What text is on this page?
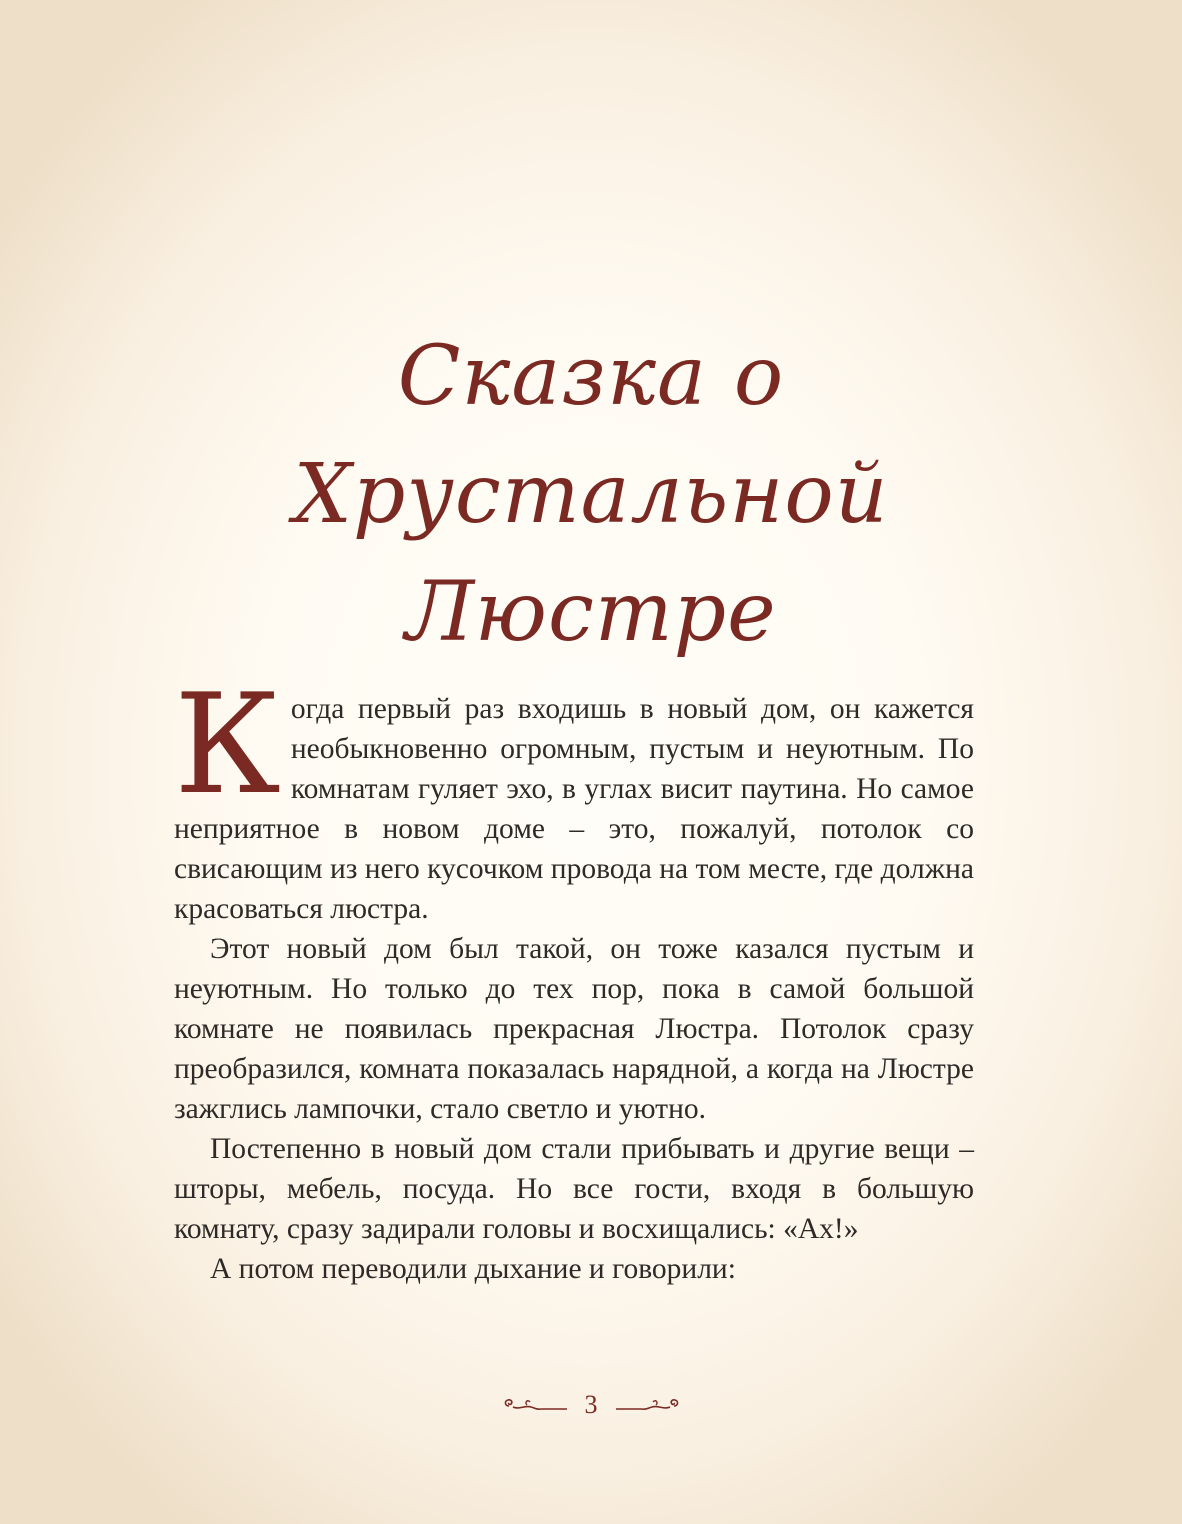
Сказка о Хрустальной
Люстре

Когда первый раз входишь в новый дом, он кажется необыкновенно огромным, пустым и неуютным. По комнатам гуляет эхо, в углах висит паутина. Но самое неприятное в новом доме – это, пожалуй, потолок со свисающим из него кусочком провода на том месте, где должна красоваться люстра.

Этот новый дом был такой, он тоже казался пустым и неуютным. Но только до тех пор, пока в самой большой комнате не появилась прекрасная Люстра. Потолок сразу преобразился, комната показалась нарядной, а когда на Люстре зажглись лампочки, стало светло и уютно.

Постепенно в новый дом стали прибывать и другие вещи – шторы, мебель, посуда. Но все гости, входя в большую комнату, сразу задирали головы и восхищались: «Ах!»

А потом переводили дыхание и говорили:

3
